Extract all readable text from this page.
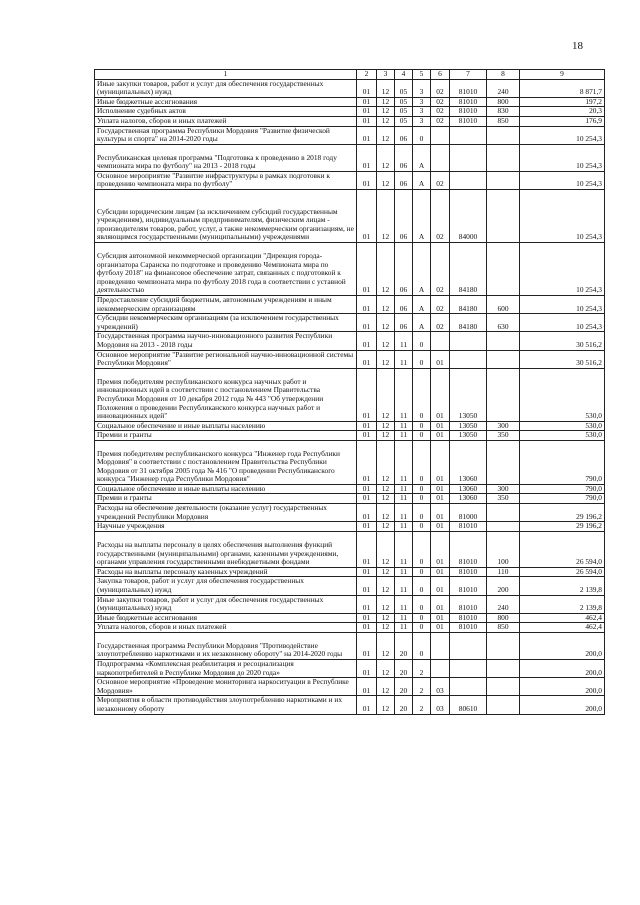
18
1	2	3	4	5	6	7	8	9
Иные закупки товаров, работ и услуг для обеспечения государственных (муниципальных) нужд	01	12	05	3	02	81010	240	8 871,7
Иные бюджетные ассигнования	01	12	05	3	02	81010	800	197,2
Исполнение судебных актов	01	12	05	3	02	81010	830	20,3
Уплата налогов, сборов и иных платежей	01	12	05	3	02	81010	850	176,9
Государственная программа Республики Мордовия "Развитие физической культуры и спорта" на 2014-2020 годы	01	12	06	0				10 254,3
Республиканская целевая программа "Подготовка к проведению в 2018 году чемпионата мира по футболу" на 2013 - 2018 годы	01	12	06	А				10 254,3
Основное мероприятие "Развитие инфраструктуры в рамках подготовки к проведению чемпионата мира по футболу"	01	12	06	А	02			10 254,3
Субсидии юридическим лицам (за исключением субсидий государственным учреждениям), индивидуальным предпринимателям, физическим лицам - производителям товаров, работ, услуг, а также некоммерческим организациям, не являющимся государственными (муниципальными) учреждениями	01	12	06	А	02	84000		10 254,3
Субсидия автономной некоммерческой организации "Дирекция города-организатора Саранска по подготовке и проведению Чемпионата мира по футболу 2018" на финансовое обеспечение затрат, связанных с подготовкой к проведению чемпионата мира по футболу 2018 года в соответствии с уставной деятельностью	01	12	06	А	02	84180		10 254,3
Предоставление субсидий бюджетным, автономным учреждениям и иным некоммерческим организациям	01	12	06	А	02	84180	600	10 254,3
Субсидии некоммерческим организациям (за исключением государственных учреждений)	01	12	06	А	02	84180	630	10 254,3
Государственная программа научно-инновационного развития Республики Мордовия на 2013 - 2018 годы	01	12	11	0				30 516,2
Основное мероприятие "Развитие региональной научно-инновационной системы Республики Мордовия"	01	12	11	0	01			30 516,2
Премия победителям республиканского конкурса научных работ и инновационных идей в соответствии с постановлением Правительства Республики Мордовия от 10 декабря 2012 года № 443 "Об утверждении Положения о проведении Республиканского конкурса научных работ и инновационных идей"	01	12	11	0	01	13050		530,0
Социальное обеспечение и иные выплаты населению	01	12	11	0	01	13050	300	530,0
Премии и гранты	01	12	11	0	01	13050	350	530,0
Премия победителям республиканского конкурса "Инженер года Республики Мордовия" в соответствии с постановлением Правительства Республики Мордовия от 31 октября 2005 года № 416 "О проведении Республиканского конкурса "Инженер года Республики Мордовия"	01	12	11	0	01	13060		790,0
Социальное обеспечение и иные выплаты населению	01	12	11	0	01	13060	300	790,0
Премии и гранты	01	12	11	0	01	13060	350	790,0
Расходы на обеспечение деятельности (оказание услуг) государственных учреждений Республики Мордовия	01	12	11	0	01	81000		29 196,2
Научные учреждения	01	12	11	0	01	81010		29 196,2
Расходы на выплаты персоналу в целях обеспечения выполнения функций государственными (муниципальными) органами, казенными учреждениями, органами управления государственными внебюджетными фондами	01	12	11	0	01	81010	100	26 594,0
Расходы на выплаты персоналу казенных учреждений	01	12	11	0	01	81010	110	26 594,0
Закупка товаров, работ и услуг для обеспечения государственных (муниципальных) нужд	01	12	11	0	01	81010	200	2 139,8
Иные закупки товаров, работ и услуг для обеспечения государственных (муниципальных) нужд	01	12	11	0	01	81010	240	2 139,8
Иные бюджетные ассигнования	01	12	11	0	01	81010	800	462,4
Уплата налогов, сборов и иных платежей	01	12	11	0	01	81010	850	462,4
Государственная программа Республики Мордовия "Противодействие злоупотреблению наркотиками и их незаконному обороту" на 2014-2020 годы	01	12	20	0				200,0
Подпрограмма «Комплексная реабилитация и ресоциализация наркопотребителей в Республике Мордовия до 2020 года»	01	12	20	2				200,0
Основное мероприятие «Проведение мониторинга наркоситуации в Республике Мордовия»	01	12	20	2	03			200,0
Мероприятия в области противодействия злоупотреблению наркотиками и их незаконному обороту	01	12	20	2	03	80610		200,0
